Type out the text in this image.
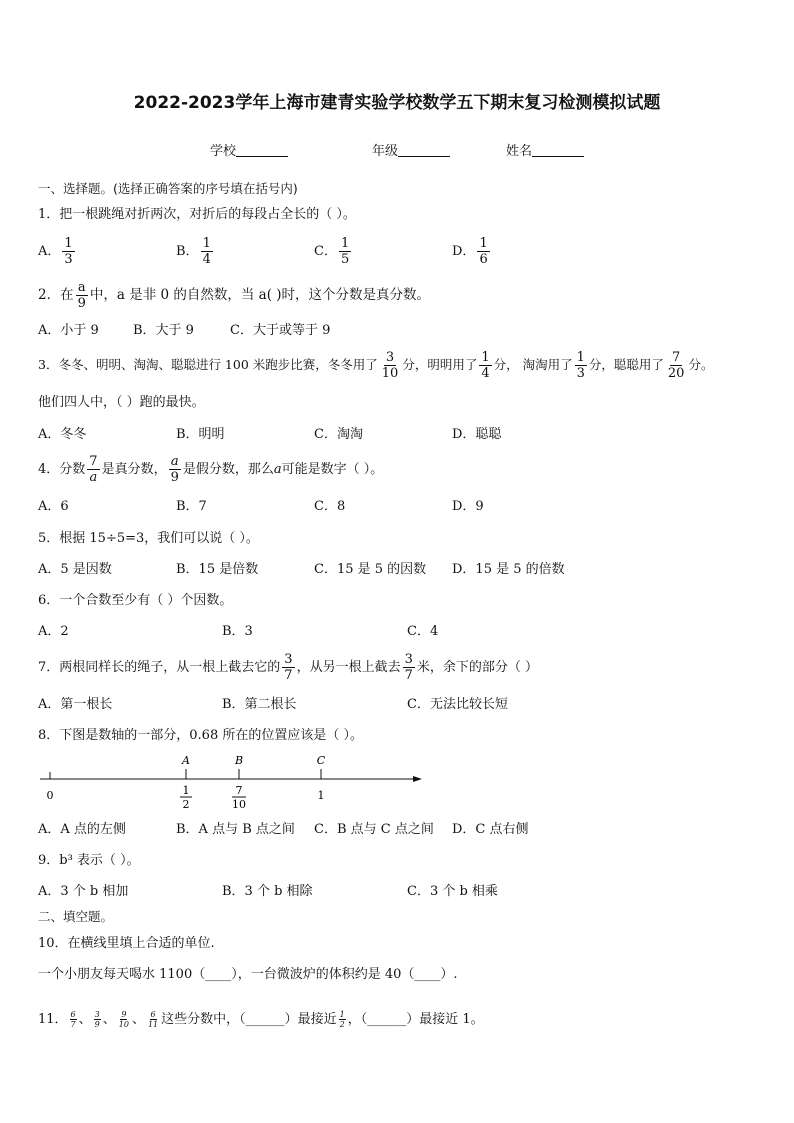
2022-2023学年上海市建青实验学校数学五下期末复习检测模拟试题
学校	年级	姓名
一、选择题。(选择正确答案的序号填在括号内)
1．把一根跳绳对折两次，对折后的每段占全长的（ ）。
A． $\frac{1}{3}$	B． $\frac{1}{4}$	C． $\frac{1}{5}$	D． $\frac{1}{6}$
2．在 $\frac{a}{9}$ 中，a 是非 0 的自然数，当 a( )时，这个分数是真分数。
A．小于 9	B．大于 9	C．大于或等于 9
3．冬冬、明明、淘淘、聪聪进行 100 米跑步比赛，冬冬用了 $\frac{3}{10}$ 分，明明用了 $\frac{1}{4}$ 分， 淘淘用了 $\frac{1}{3}$ 分，聪聪用了 $\frac{7}{20}$ 分。
他们四人中，（ ）跑的最快。
A．冬冬	B．明明	C．淘淘	D．聪聪
4．分数 $\frac{7}{a}$ 是真分数， $\frac{a}{9}$ 是假分数，那么a可能是数字（ ）。
A．6	B．7	C．8	D．9
5．根据 15÷5=3，我们可以说（ ）。
A．5 是因数	B．15 是倍数	C．15 是 5 的因数 D．15 是 5 的倍数
6．一个合数至少有（ ）个因数。
A．2	B．3	C．4
7．两根同样长的绳子，从一根上截去它的 $\frac{3}{7}$ ，从另一根上截去 $\frac{3}{7}$ 米，余下的部分（ ）
A．第一根长	B．第二根长	C．无法比较长短
8．下图是数轴的一部分，0.68 所在的位置应该是（ ）。
A	B	C
0	1
2
7
10
1
A．A 点的左侧	B．A 点与 B 点之间 C．B 点与 C 点之间 D．C 点右侧
9．b³ 表示（ ）。
A．3 个 b 相加	B．3 个 b 相除	C．3 个 b 相乘
二、填空题。
10．在横线里填上合适的单位.
一个小朋友每天喝水 1100（____），一台微波炉的体积约是 40（____）.
11． $\frac{6}{7}$ 、 $\frac{3}{9}$ 、 $\frac{9}{10}$ 、 $\frac{6}{11}$ 这些分数中，（______）最接近 $\frac{1}{2}$ ，（______）最接近 1。
